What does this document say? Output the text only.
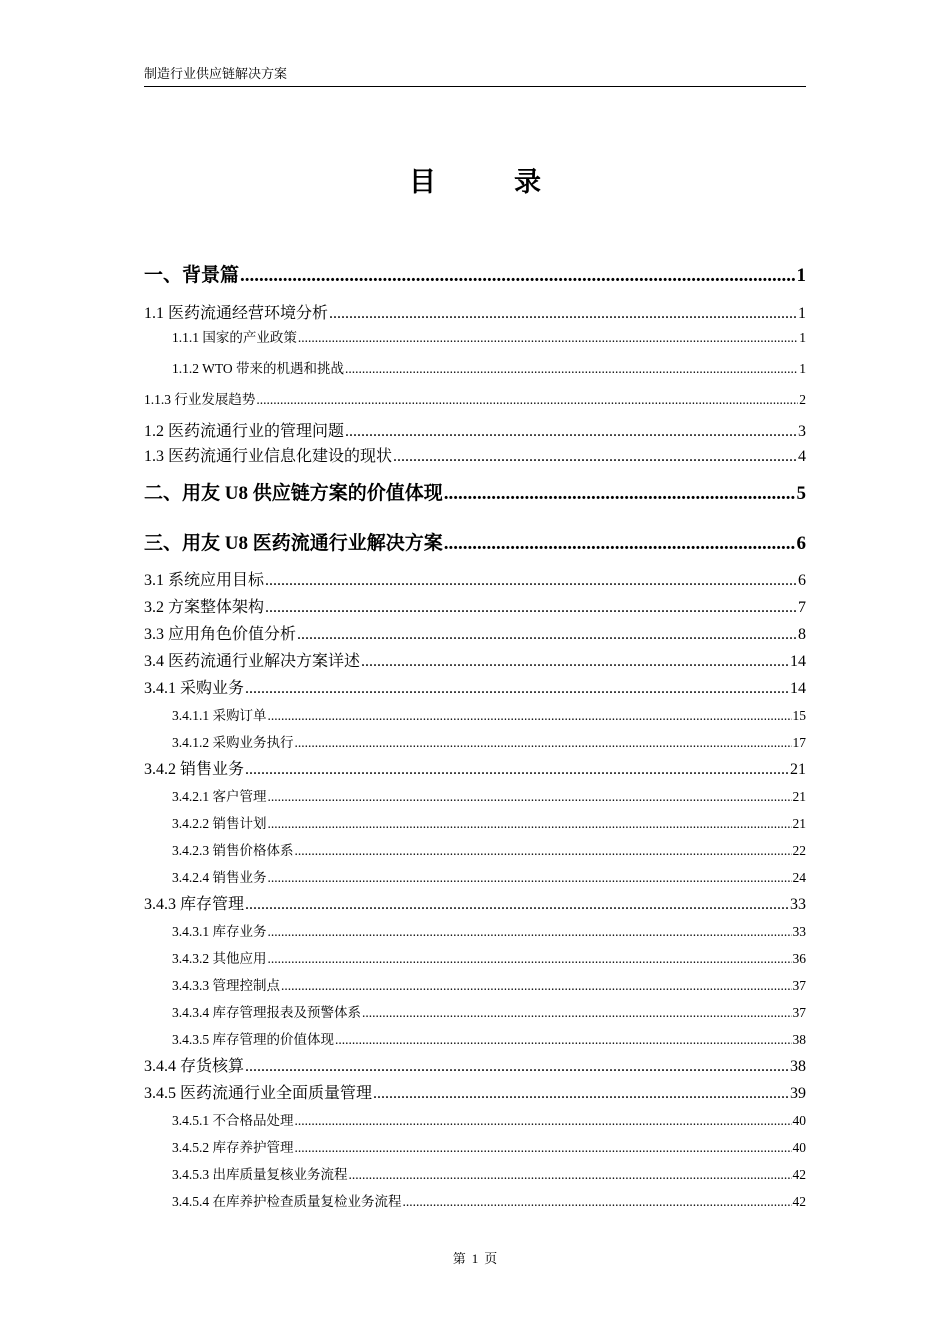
制造行业供应链解决方案
目	录
一、背景篇 .....	1
1.1 医药流通经营环境分析 .....	1
1.1.1 国家的产业政策 .....	1
1.1.2 WTO 带来的机遇和挑战 .....	1
1.1.3 行业发展趋势 .....	2
1.2 医药流通行业的管理问题 .....	3
1.3 医药流通行业信息化建设的现状 .....	4
二、用友 U8 供应链方案的价值体现 .....	5
三、用友 U8 医药流通行业解决方案 .....	6
3.1 系统应用目标 .....	6
3.2 方案整体架构 .....	7
3.3 应用角色价值分析 .....	8
3.4 医药流通行业解决方案详述 .....	14
3.4.1 采购业务 .....	14
3.4.1.1 采购订单 .....	15
3.4.1.2 采购业务执行 .....	17
3.4.2 销售业务 .....	21
3.4.2.1 客户管理 .....	21
3.4.2.2 销售计划 .....	21
3.4.2.3 销售价格体系 .....	22
3.4.2.4 销售业务 .....	24
3.4.3 库存管理 .....	33
3.4.3.1 库存业务 .....	33
3.4.3.2 其他应用 .....	36
3.4.3.3 管理控制点 .....	37
3.4.3.4 库存管理报表及预警体系 .....	37
3.4.3.5 库存管理的价值体现 .....	38
3.4.4 存货核算 .....	38
3.4.5 医药流通行业全面质量管理 .....	39
3.4.5.1 不合格品处理 .....	40
3.4.5.2 库存养护管理 .....	40
3.4.5.3 出库质量复核业务流程 .....	42
3.4.5.4 在库养护检查质量复检业务流程 .....	42
第 1 页
